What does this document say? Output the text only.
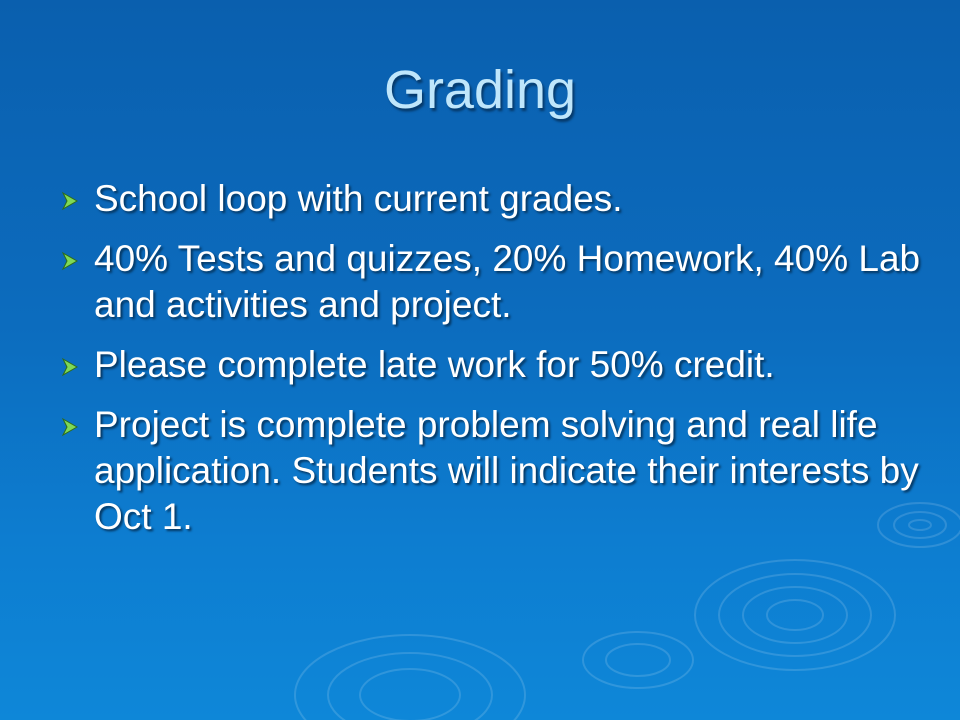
Grading
School loop with current grades.
40% Tests and quizzes, 20% Homework, 40% Lab and activities and project.
Please complete late work for 50% credit.
Project is complete problem solving and real life application. Students will indicate their interests by Oct 1.
